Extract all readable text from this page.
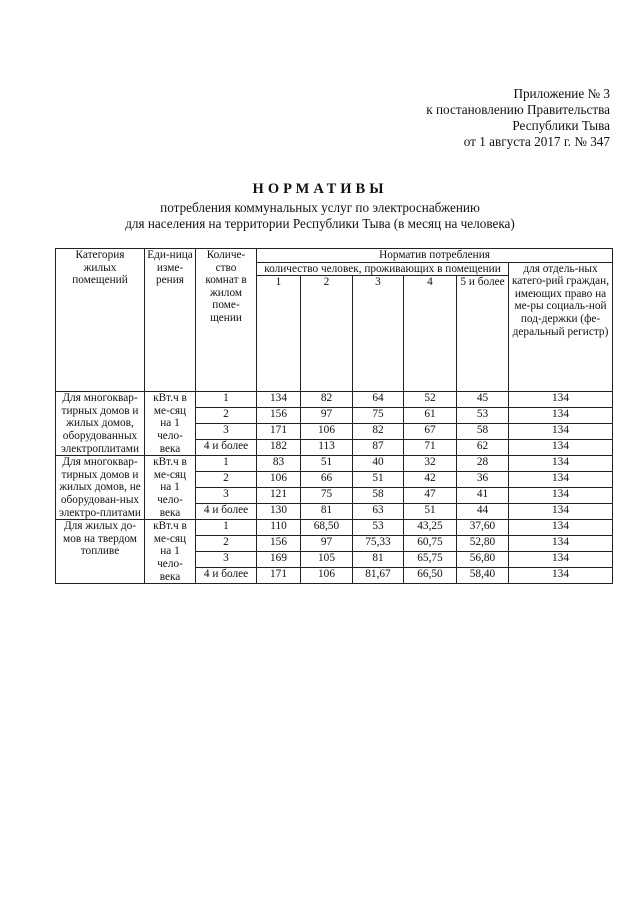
Приложение № 3
к постановлению Правительства
Республики Тыва
от 1 августа 2017 г. № 347
НОРМАТИВЫ
потребления коммунальных услуг по электроснабжению
для населения на территории Республики Тыва (в месяц на человека)
Категория жилых помещений	Еди-ница изме-рения	Количе-ство комнат в жилом поме-щении	Норматив потребления					
			количество человек, проживающих в помещении					для отдель-ных катего-рий граждан, имеющих право на ме-ры социаль-ной под-держки (фе-деральный регистр)
			1	2	3	4	5 и более	
Для многоквар-тирных домов и жилых домов, оборудованных электроплитами	кВт.ч в ме-сяц на 1 чело-века	1	134	82	64	52	45	134
		2	156	97	75	61	53	134
		3	171	106	82	67	58	134
		4 и более	182	113	87	71	62	134
Для многоквар-тирных домов и жилых домов, не оборудован-ных электро-плитами	кВт.ч в ме-сяц на 1 чело-века	1	83	51	40	32	28	134
		2	106	66	51	42	36	134
		3	121	75	58	47	41	134
		4 и более	130	81	63	51	44	134
Для жилых до-мов на твердом топливе	кВт.ч в ме-сяц на 1 чело-века	1	110	68,50	53	43,25	37,60	134
		2	156	97	75,33	60,75	52,80	134
		3	169	105	81	65,75	56,80	134
		4 и более	171	106	81,67	66,50	58,40	134
